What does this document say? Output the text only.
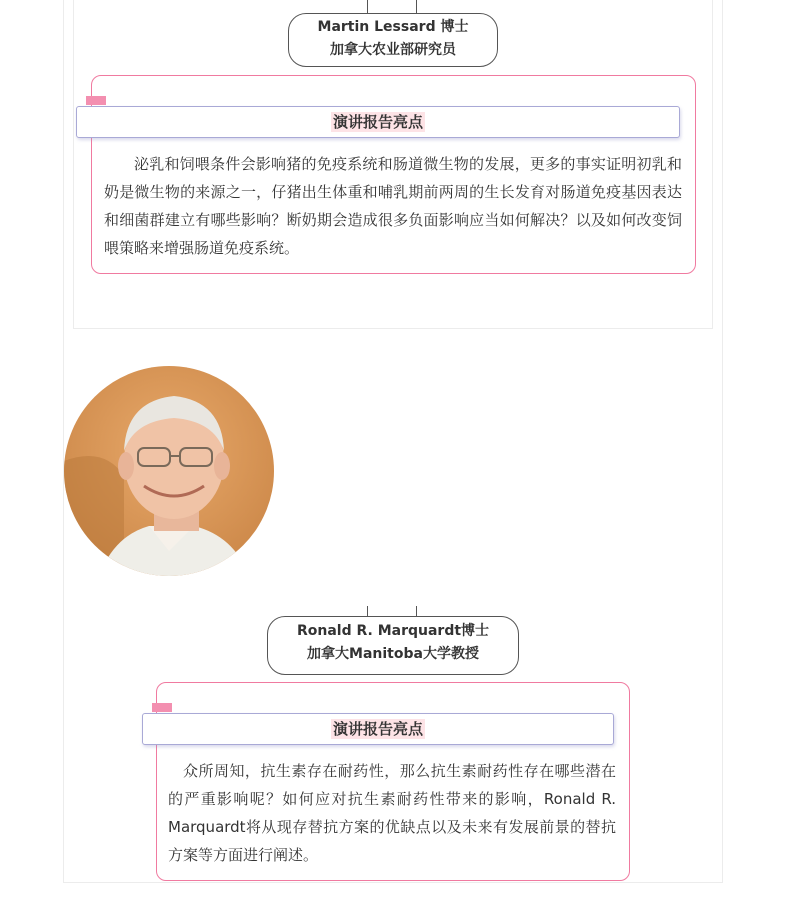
Martin Lessard 博士
加拿大农业部研究员
演讲报告亮点
泌乳和饲喂条件会影响猪的免疫系统和肠道微生物的发展，更多的事实证明初乳和奶是微生物的来源之一，仔猪出生体重和哺乳期前两周的生长发育对肠道免疫基因表达和细菌群建立有哪些影响？断奶期会造成很多负面影响应当如何解决？以及如何改变饲喂策略来增强肠道免疫系统。
Ronald R. Marquardt博士
加拿大Manitoba大学教授
演讲报告亮点
众所周知，抗生素存在耐药性，那么抗生素耐药性存在哪些潜在的严重影响呢？如何应对抗生素耐药性带来的影响，Ronald R. Marquardt将从现存替抗方案的优缺点以及未来有发展前景的替抗方案等方面进行阐述。
